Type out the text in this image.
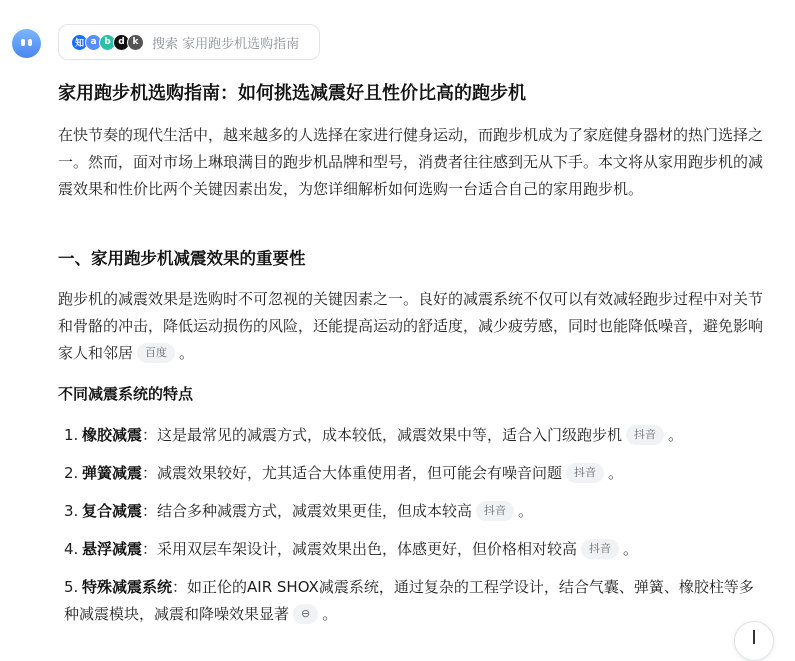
知 a b d k	搜索 家用跑步机选购指南
家用跑步机选购指南：如何挑选减震好且性价比高的跑步机

在快节奏的现代生活中，越来越多的人选择在家进行健身运动，而跑步机成为了家庭健身器材的热门选择之一。然而，面对市场上琳琅满目的跑步机品牌和型号，消费者往往感到无从下手。本文将从家用跑步机的减震效果和性价比两个关键因素出发，为您详细解析如何选购一台适合自己的家用跑步机。

一、家用跑步机减震效果的重要性

跑步机的减震效果是选购时不可忽视的关键因素之一。良好的减震系统不仅可以有效减轻跑步过程中对关节和骨骼的冲击，降低运动损伤的风险，还能提高运动的舒适度，减少疲劳感，同时也能降低噪音，避免影响家人和邻居 百度 。

不同减震系统的特点
1. 橡胶减震：这是最常见的减震方式，成本较低，减震效果中等，适合入门级跑步机 抖音 。
2. 弹簧减震：减震效果较好，尤其适合大体重使用者，但可能会有噪音问题 抖音 。
3. 复合减震：结合多种减震方式，减震效果更佳，但成本较高 抖音 。
4. 悬浮减震：采用双层车架设计，减震效果出色，体感更好，但价格相对较高 抖音 。
5. 特殊减震系统：如正伦的AIR SHOX减震系统，通过复杂的工程学设计，结合气囊、弹簧、橡胶柱等多种减震模块，减震和降噪效果显著 ⊖ 。
